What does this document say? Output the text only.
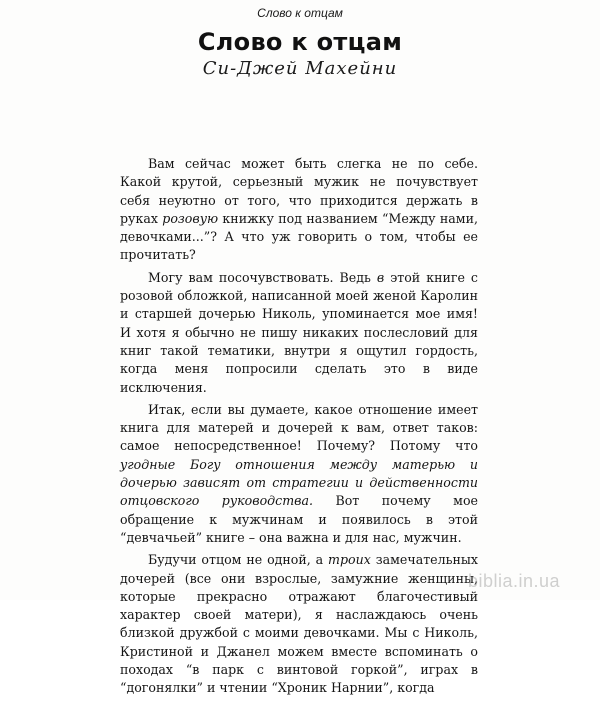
Слово к отцам
Слово к отцам
Си-Джей Махейни

Вам сейчас может быть слегка не по себе. Какой крутой, серьезный мужик не почувствует себя неуютно от того, что приходится держать в руках розовую книжку под названием “Между нами, девочками...”? А что уж говорить о том, чтобы ее прочитать?

Могу вам посочувствовать. Ведь в этой книге с розовой обложкой, написанной моей женой Каролин и старшей дочерью Николь, упоминается мое имя! И хотя я обычно не пишу никаких послесловий для книг такой тематики, внутри я ощутил гордость, когда меня попросили сделать это в виде исключения.

Итак, если вы думаете, какое отношение имеет книга для матерей и дочерей к вам, ответ таков: самое непосредственное! Почему? Потому что угодные Богу отношения между матерью и дочерью зависят от стратегии и действенности отцовского руководства. Вот почему мое обращение к мужчинам и появилось в этой “девчачьей” книге – она важна и для нас, мужчин.

Будучи отцом не одной, а троих замечательных дочерей (все они взрослые, замужние женщины, которые прекрасно отражают благочестивый характер своей матери), я наслаждаюсь очень близкой дружбой с моими девочками. Мы с Николь, Кристиной и Джанел можем вместе вспоминать о походах “в парк с винтовой горкой”, играх в “догонялки” и чтении “Хроник Нарнии”, когда

biblia.in.ua
